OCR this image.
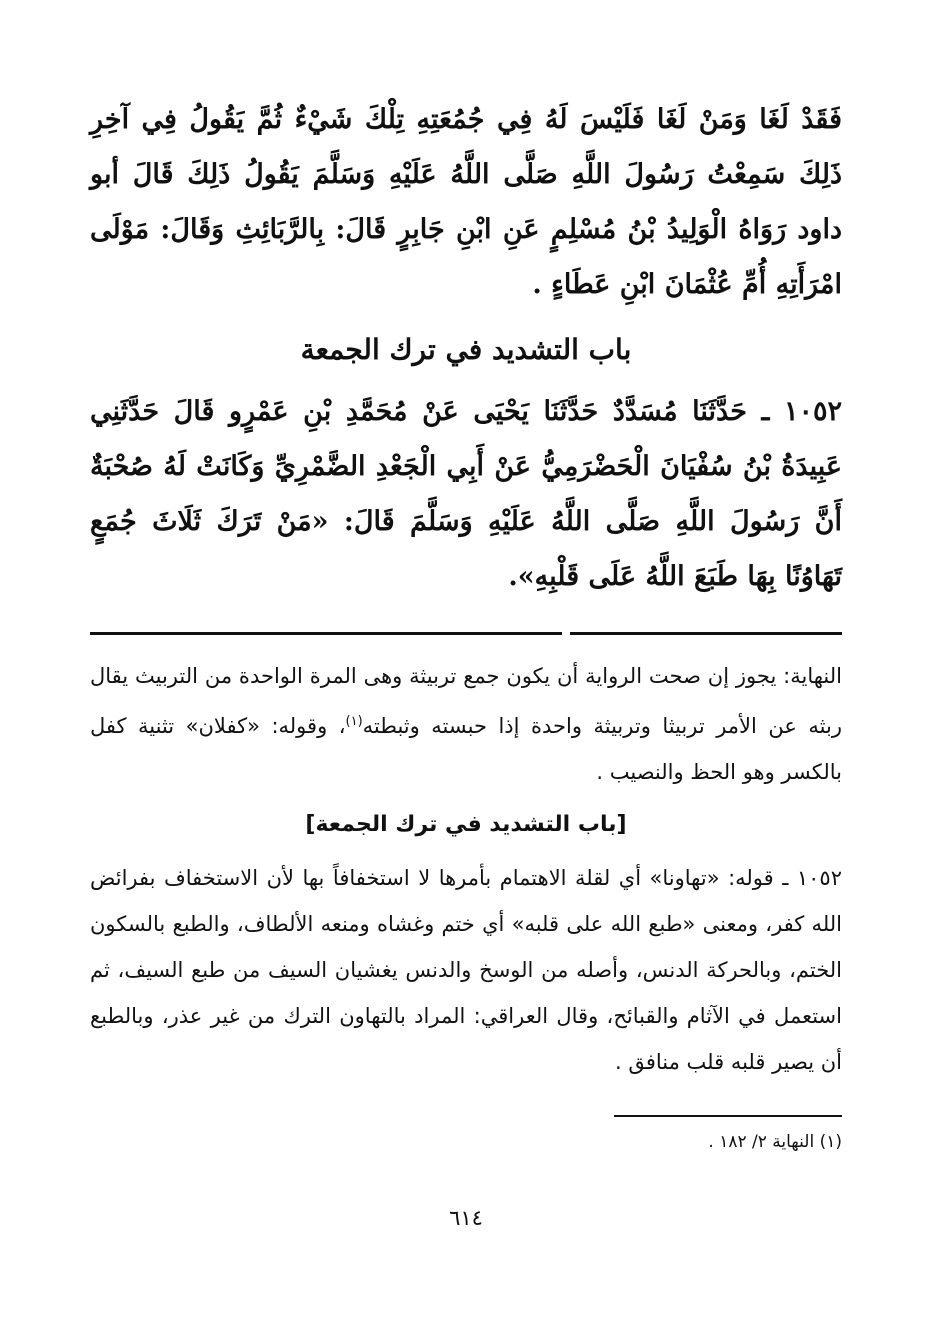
فَقَدْ لَغَا وَمَنْ لَغَا فَلَيْسَ لَهُ فِي جُمُعَتِهِ تِلْكَ شَيْءٌ ثُمَّ يَقُولُ فِي آخِرِ ذَلِكَ سَمِعْتُ رَسُولَ اللَّهِ صَلَّى اللَّهُ عَلَيْهِ وَسَلَّمَ يَقُولُ ذَلِكَ قَالَ أبو داود رَوَاهُ الْوَلِيدُ بْنُ مُسْلِمٍ عَنِ ابْنِ جَابِرٍ قَالَ: بِالرَّبَائِثِ وَقَالَ: مَوْلَى امْرَأَتِهِ أُمِّ عُثْمَانَ ابْنِ عَطَاءٍ .

باب التشديد في ترك الجمعة

١٠٥٢ ـ حَدَّثَنَا مُسَدَّدٌ حَدَّثَنَا يَحْيَى عَنْ مُحَمَّدِ بْنِ عَمْرٍو قَالَ حَدَّثَنِي عَبِيدَةُ بْنُ سُفْيَانَ الْحَضْرَمِيُّ عَنْ أَبِي الْجَعْدِ الضَّمْرِيِّ وَكَانَتْ لَهُ صُحْبَةٌ أَنَّ رَسُولَ اللَّهِ صَلَّى اللَّهُ عَلَيْهِ وَسَلَّمَ قَالَ: «مَنْ تَرَكَ ثَلَاثَ جُمَعٍ تَهَاوُنًا بِهَا طَبَعَ اللَّهُ عَلَى قَلْبِهِ».

النهاية: يجوز إن صحت الرواية أن يكون جمع تربيثة وهى المرة الواحدة من التربيث يقال ربثه عن الأمر تربيثا وتربيثة واحدة إذا حبسته وثبطته$^{(١)}$، وقوله: «كفلان» تثنية كفل بالكسر وهو الحظ والنصيب .

[باب التشديد في ترك الجمعة]

١٠٥٢ ـ قوله: «تهاونا» أي لقلة الاهتمام بأمرها لا استخفافاً بها لأن الاستخفاف بفرائض الله كفر، ومعنى «طبع الله على قلبه» أي ختم وغشاه ومنعه الألطاف، والطبع بالسكون الختم، وبالحركة الدنس، وأصله من الوسخ والدنس يغشيان السيف من طبع السيف، ثم استعمل في الآثام والقبائح، وقال العراقي: المراد بالتهاون الترك من غير عذر، وبالطبع أن يصير قلبه قلب منافق .

(١) النهاية ٢/ ١٨٢ .

٦١٤
